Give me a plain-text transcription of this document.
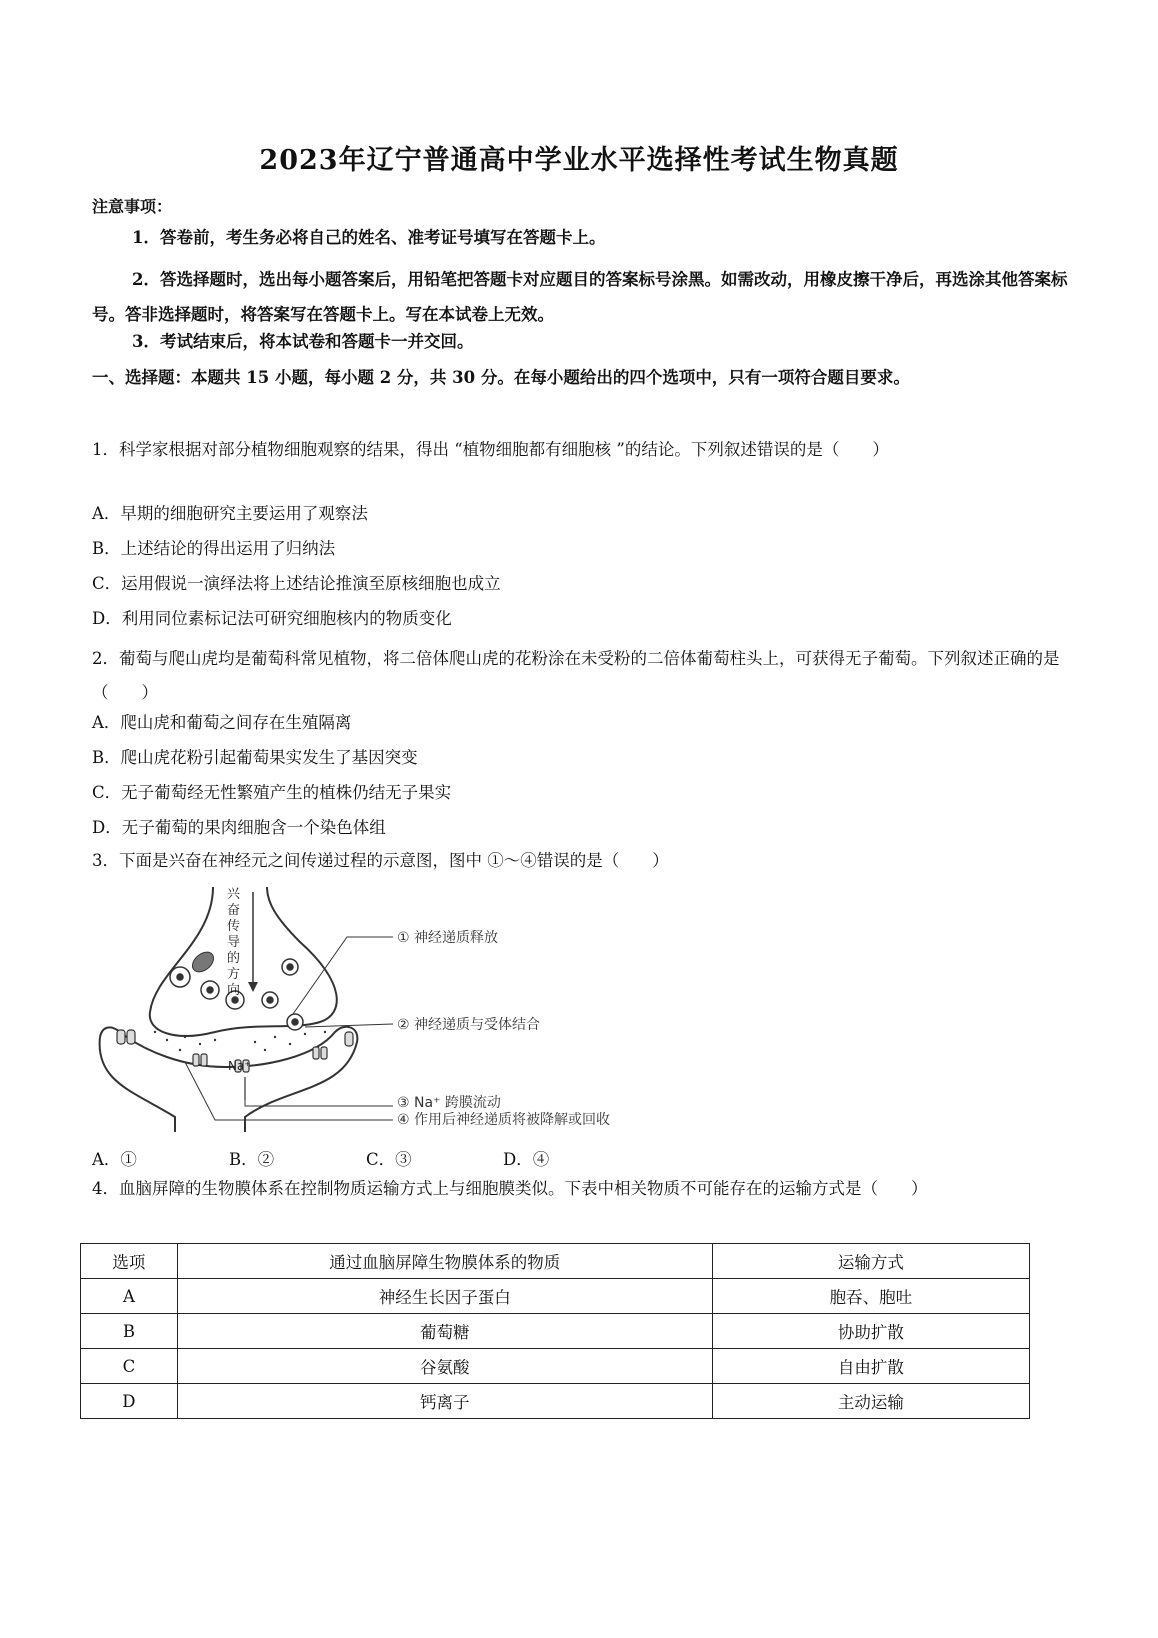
2023年辽宁普通高中学业水平选择性考试生物真题
注意事项：
1．答卷前，考生务必将自己的姓名、准考证号填写在答题卡上。
2．答选择题时，选出每小题答案后，用铅笔把答题卡对应题目的答案标号涂黑。如需改动，用橡皮擦干净后，再选涂其他答案标号。答非选择题时，将答案写在答题卡上。写在本试卷上无效。
3．考试结束后，将本试卷和答题卡一并交回。
一、选择题：本题共 15 小题，每小题 2 分，共 30 分。在每小题给出的四个选项中，只有一项符合题目要求。
1．科学家根据对部分植物细胞观察的结果，得出 “植物细胞都有细胞核 ”的结论。下列叙述错误的是（　　）
A．早期的细胞研究主要运用了观察法
B．上述结论的得出运用了归纳法
C．运用假说一演绎法将上述结论推演至原核细胞也成立
D．利用同位素标记法可研究细胞核内的物质变化
2．葡萄与爬山虎均是葡萄科常见植物，将二倍体爬山虎的花粉涂在未受粉的二倍体葡萄柱头上，可获得无子葡萄。下列叙述正确的是（　　）
A．爬山虎和葡萄之间存在生殖隔离
B．爬山虎花粉引起葡萄果实发生了基因突变
C．无子葡萄经无性繁殖产生的植株仍结无子果实
D．无子葡萄的果肉细胞含一个染色体组
3．下面是兴奋在神经元之间传递过程的示意图，图中 ①～④错误的是（　　）
兴
奋
传
导
的
方
向
Na⁺
① 神经递质释放
② 神经递质与受体结合
③ Na⁺ 跨膜流动
④ 作用后神经递质将被降解或回收
A．①	B．②	C．③	D．④
4．血脑屏障的生物膜体系在控制物质运输方式上与细胞膜类似。下表中相关物质不可能存在的运输方式是（　　）
选项	通过血脑屏障生物膜体系的物质	运输方式
A	神经生长因子蛋白	胞吞、胞吐
B	葡萄糖	协助扩散
C	谷氨酸	自由扩散
D	钙离子	主动运输
